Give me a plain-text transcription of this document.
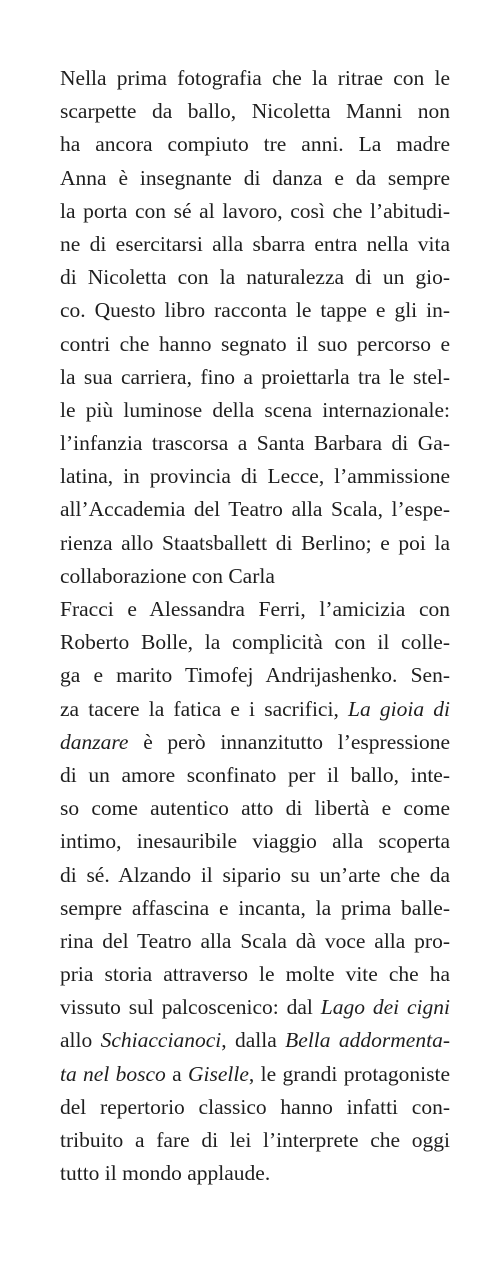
Nella prima fotografia che la ritrae con le
scarpette da ballo, Nicoletta Manni non
ha ancora compiuto tre anni. La madre
Anna è insegnante di danza e da sempre
la porta con sé al lavoro, così che l’abitudi-
ne di esercitarsi alla sbarra entra nella vita
di Nicoletta con la naturalezza di un gio-
co. Questo libro racconta le tappe e gli in-
contri che hanno segnato il suo percorso e
la sua carriera, fino a proiettarla tra le stel-
le più luminose della scena internazionale:
l’infanzia trascorsa a Santa Barbara di Ga-
latina, in provincia di Lecce, l’ammissione
all’Accademia del Teatro alla Scala, l’espe-
rienza allo Staatsballett di Berlino; e poi la
collaborazione con Carla
Fracci e Alessandra Ferri, l’amicizia con
Roberto Bolle, la complicità con il colle-
ga e marito Timofej Andrijashenko. Sen-
za tacere la fatica e i sacrifici, La gioia di
danzare è però innanzitutto l’espressione
di un amore sconfinato per il ballo, inte-
so come autentico atto di libertà e come
intimo, inesauribile viaggio alla scoperta
di sé. Alzando il sipario su un’arte che da
sempre affascina e incanta, la prima balle-
rina del Teatro alla Scala dà voce alla pro-
pria storia attraverso le molte vite che ha
vissuto sul palcoscenico: dal Lago dei cigni
allo Schiaccianoci, dalla Bella addormenta-
ta nel bosco a Giselle, le grandi protagoniste
del repertorio classico hanno infatti con-
tribuito a fare di lei l’interprete che oggi
tutto il mondo applaude.
